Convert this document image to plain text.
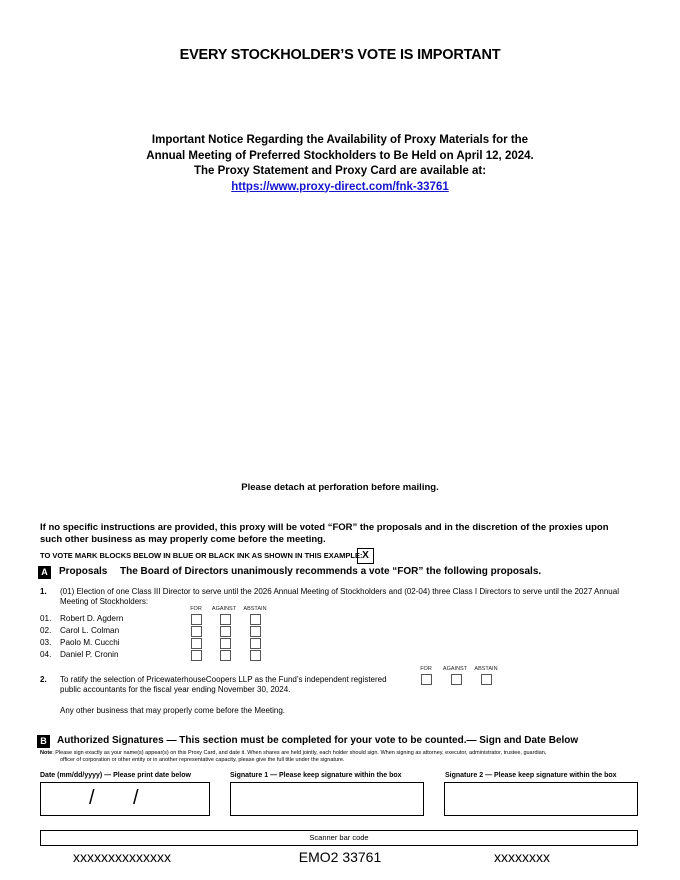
EVERY STOCKHOLDER’S VOTE IS IMPORTANT
Important Notice Regarding the Availability of Proxy Materials for the
Annual Meeting of Preferred Stockholders to Be Held on April 12, 2024.
The Proxy Statement and Proxy Card are available at:
https://www.proxy-direct.com/fnk-33761
Please detach at perforation before mailing.
If no specific instructions are provided, this proxy will be voted “FOR” the proposals and in the discretion of the proxies upon
such other business as may properly come before the meeting.
TO VOTE MARK BLOCKS BELOW IN BLUE OR BLACK INK AS SHOWN IN THIS EXAMPLE: X
A	Proposals The Board of Directors unanimously recommends a vote “FOR” the following proposals.
1. (01) Election of one Class III Director to serve until the 2026 Annual Meeting of Stockholders and (02-04) three Class I Directors to serve until the 2027 Annual
Meeting of Stockholders:
FOR	AGAINST	ABSTAIN
01. Robert D. Agdern
02. Carol L. Colman
03. Paolo M. Cucchi
04. Daniel P. Cronin
FOR	AGAINST	ABSTAIN
2. To ratify the selection of PricewaterhouseCoopers LLP as the Fund’s independent registered
public accountants for the fiscal year ending November 30, 2024.
Any other business that may properly come before the Meeting.
B	Authorized Signatures — This section must be completed for your vote to be counted.— Sign and Date Below
Note: Please sign exactly as your name(s) appear(s) on this Proxy Card, and date it. When shares are held jointly, each holder should sign. When signing as attorney, executor, administrator, trustee, guardian,
officer of corporation or other entity or in another representative capacity, please give the full title under the signature.
Date (mm/dd/yyyy) — Please print date below	Signature 1 — Please keep signature within the box	Signature 2 — Please keep signature within the box
/ /
Scanner bar code
xxxxxxxxxxxxxx	EMO2 33761	xxxxxxxx
